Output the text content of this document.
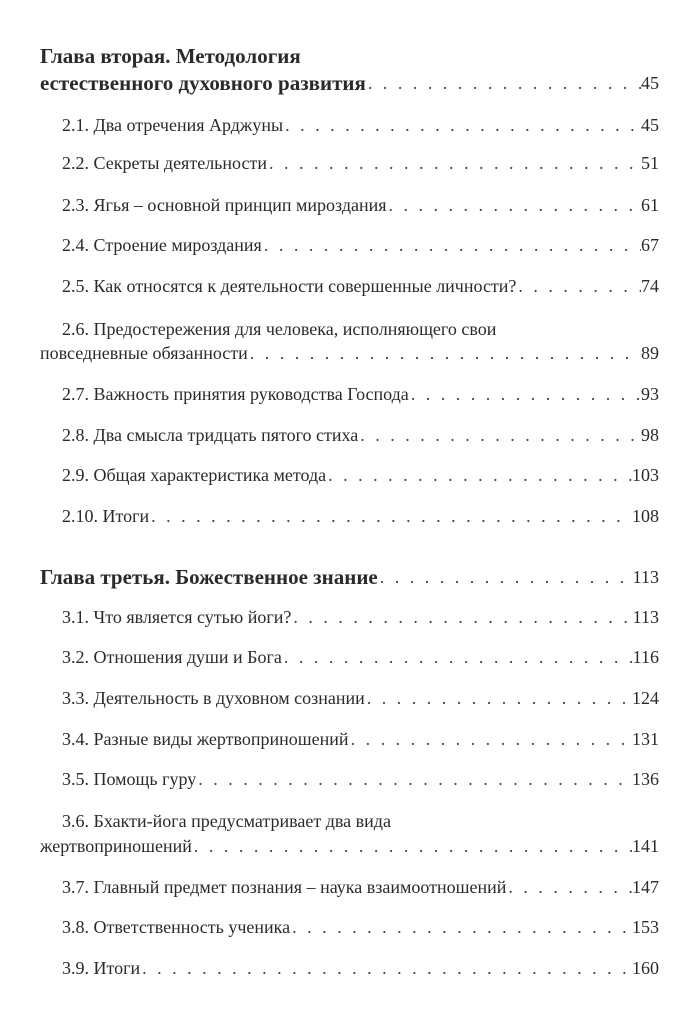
Глава вторая. Методология
естественного духовного развития . . .	45
2.1. Два отречения Арджуны . . .	45
2.2. Секреты деятельности . . .	51
2.3. Ягья – основной принцип мироздания . . .	61
2.4. Строение мироздания . . .	67
2.5. Как относятся к деятельности совершенные личности? . . .	74
2.6. Предостережения для человека, исполняющего свои
повседневные обязанности . . .	89
2.7. Важность принятия руководства Господа . . .	93
2.8. Два смысла тридцать пятого стиха . . .	98
2.9. Общая характеристика метода . . .	103
2.10. Итоги . . .	108
Глава третья. Божественное знание . . .	113
3.1. Что является сутью йоги? . . .	113
3.2. Отношения души и Бога . . .	116
3.3. Деятельность в духовном сознании . . .	124
3.4. Разные виды жертвоприношений . . .	131
3.5. Помощь гуру . . .	136
3.6. Бхакти-йога предусматривает два вида
жертвоприношений . . .	141
3.7. Главный предмет познания – наука взаимоотношений . . .	147
3.8. Ответственность ученика . . .	153
3.9. Итоги . . .	160
